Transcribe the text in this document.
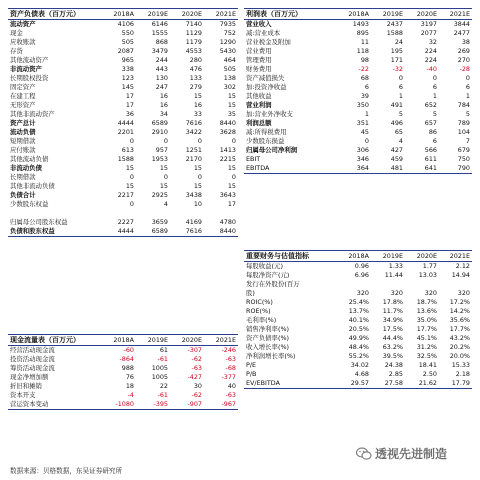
资产负债表（百万元）	2018A	2019E	2020E	2021E
流动资产	4106	6146	7140	7935
现金	550	1555	1129	752
应收账款	505	868	1179	1290
存货	2087	3479	4553	5430
其他流动资产	965	244	280	464
非流动资产	338	443	476	505
长期股权投资	123	130	133	138
固定资产	145	247	279	302
在建工程	17	16	15	15
无形资产	17	16	16	15
其他非流动资产	36	34	33	35
资产总计	4444	6589	7616	8440
流动负债	2201	2910	3422	3628
短期借款	0	0	0	0
应付账款	613	957	1251	1413
其他流动负债	1588	1953	2170	2215
非流动负债	15	15	15	15
长期借款	0	0	0	0
其他非流动负债	15	15	15	15
负债合计	2217	2925	3438	3643
少数股东权益	0	4	10	17

归属母公司股东权益	2227	3659	4169	4780
负债和股东权益	4444	6589	7616	8440
利润表（百万元）	2018A	2019E	2020E	2021E
营业收入	1493	2437	3197	3844
减:营业成本	895	1588	2077	2477
营业税金及附加	11	24	32	38
营业费用	118	195	224	269
管理费用	98	171	224	270
财务费用	-22	-32	-40	-28
资产减值损失	68	0	0	0
加:投资净收益	6	6	6	6
其他收益	39	1	1	1
营业利润	350	491	652	784
加:营业外净收支	1	5	5	5
利润总额	351	496	657	789
减:所得税费用	45	65	86	104
少数股东损益	0	4	6	7
归属母公司净利润	306	427	566	679
EBIT	346	459	611	750
EBITDA	364	481	641	790
重要财务与估值指标	2018A	2019E	2020E	2021E
每股收益(元)	0.96	1.33	1.77	2.12
每股净资产(元)	6.96	11.44	13.03	14.94
发行在外股份(百万				
股)	320	320	320	320
ROIC(%)	25.4%	17.8%	18.7%	17.2%
ROE(%)	13.7%	11.7%	13.6%	14.2%
毛利率(%)	40.1%	34.9%	35.0%	35.6%
销售净利率(%)	20.5%	17.5%	17.7%	17.7%
资产负债率(%)	49.9%	44.4%	45.1%	43.2%
收入增长率(%)	48.4%	63.2%	31.2%	20.2%
净利润增长率(%)	55.2%	39.5%	32.5%	20.0%
P/E	34.02	24.38	18.41	15.33
P/B	4.68	2.85	2.50	2.18
EV/EBITDA	29.57	27.58	21.62	17.79
现金流量表（百万元）	2018A	2019E	2020E	2021E
经营活动现金流	-60	61	-307	-246
投资活动现金流	-864	-61	-62	-63
筹资活动现金流	988	1005	-63	-68
现金净增加额	76	1005	-427	-377
折旧和摊销	18	22	30	40
资本开支	-4	-61	-62	-63
营运资本变动	-1080	-395	-907	-967
数据来源：贝格数据，东吴证券研究所
透视先进制造
